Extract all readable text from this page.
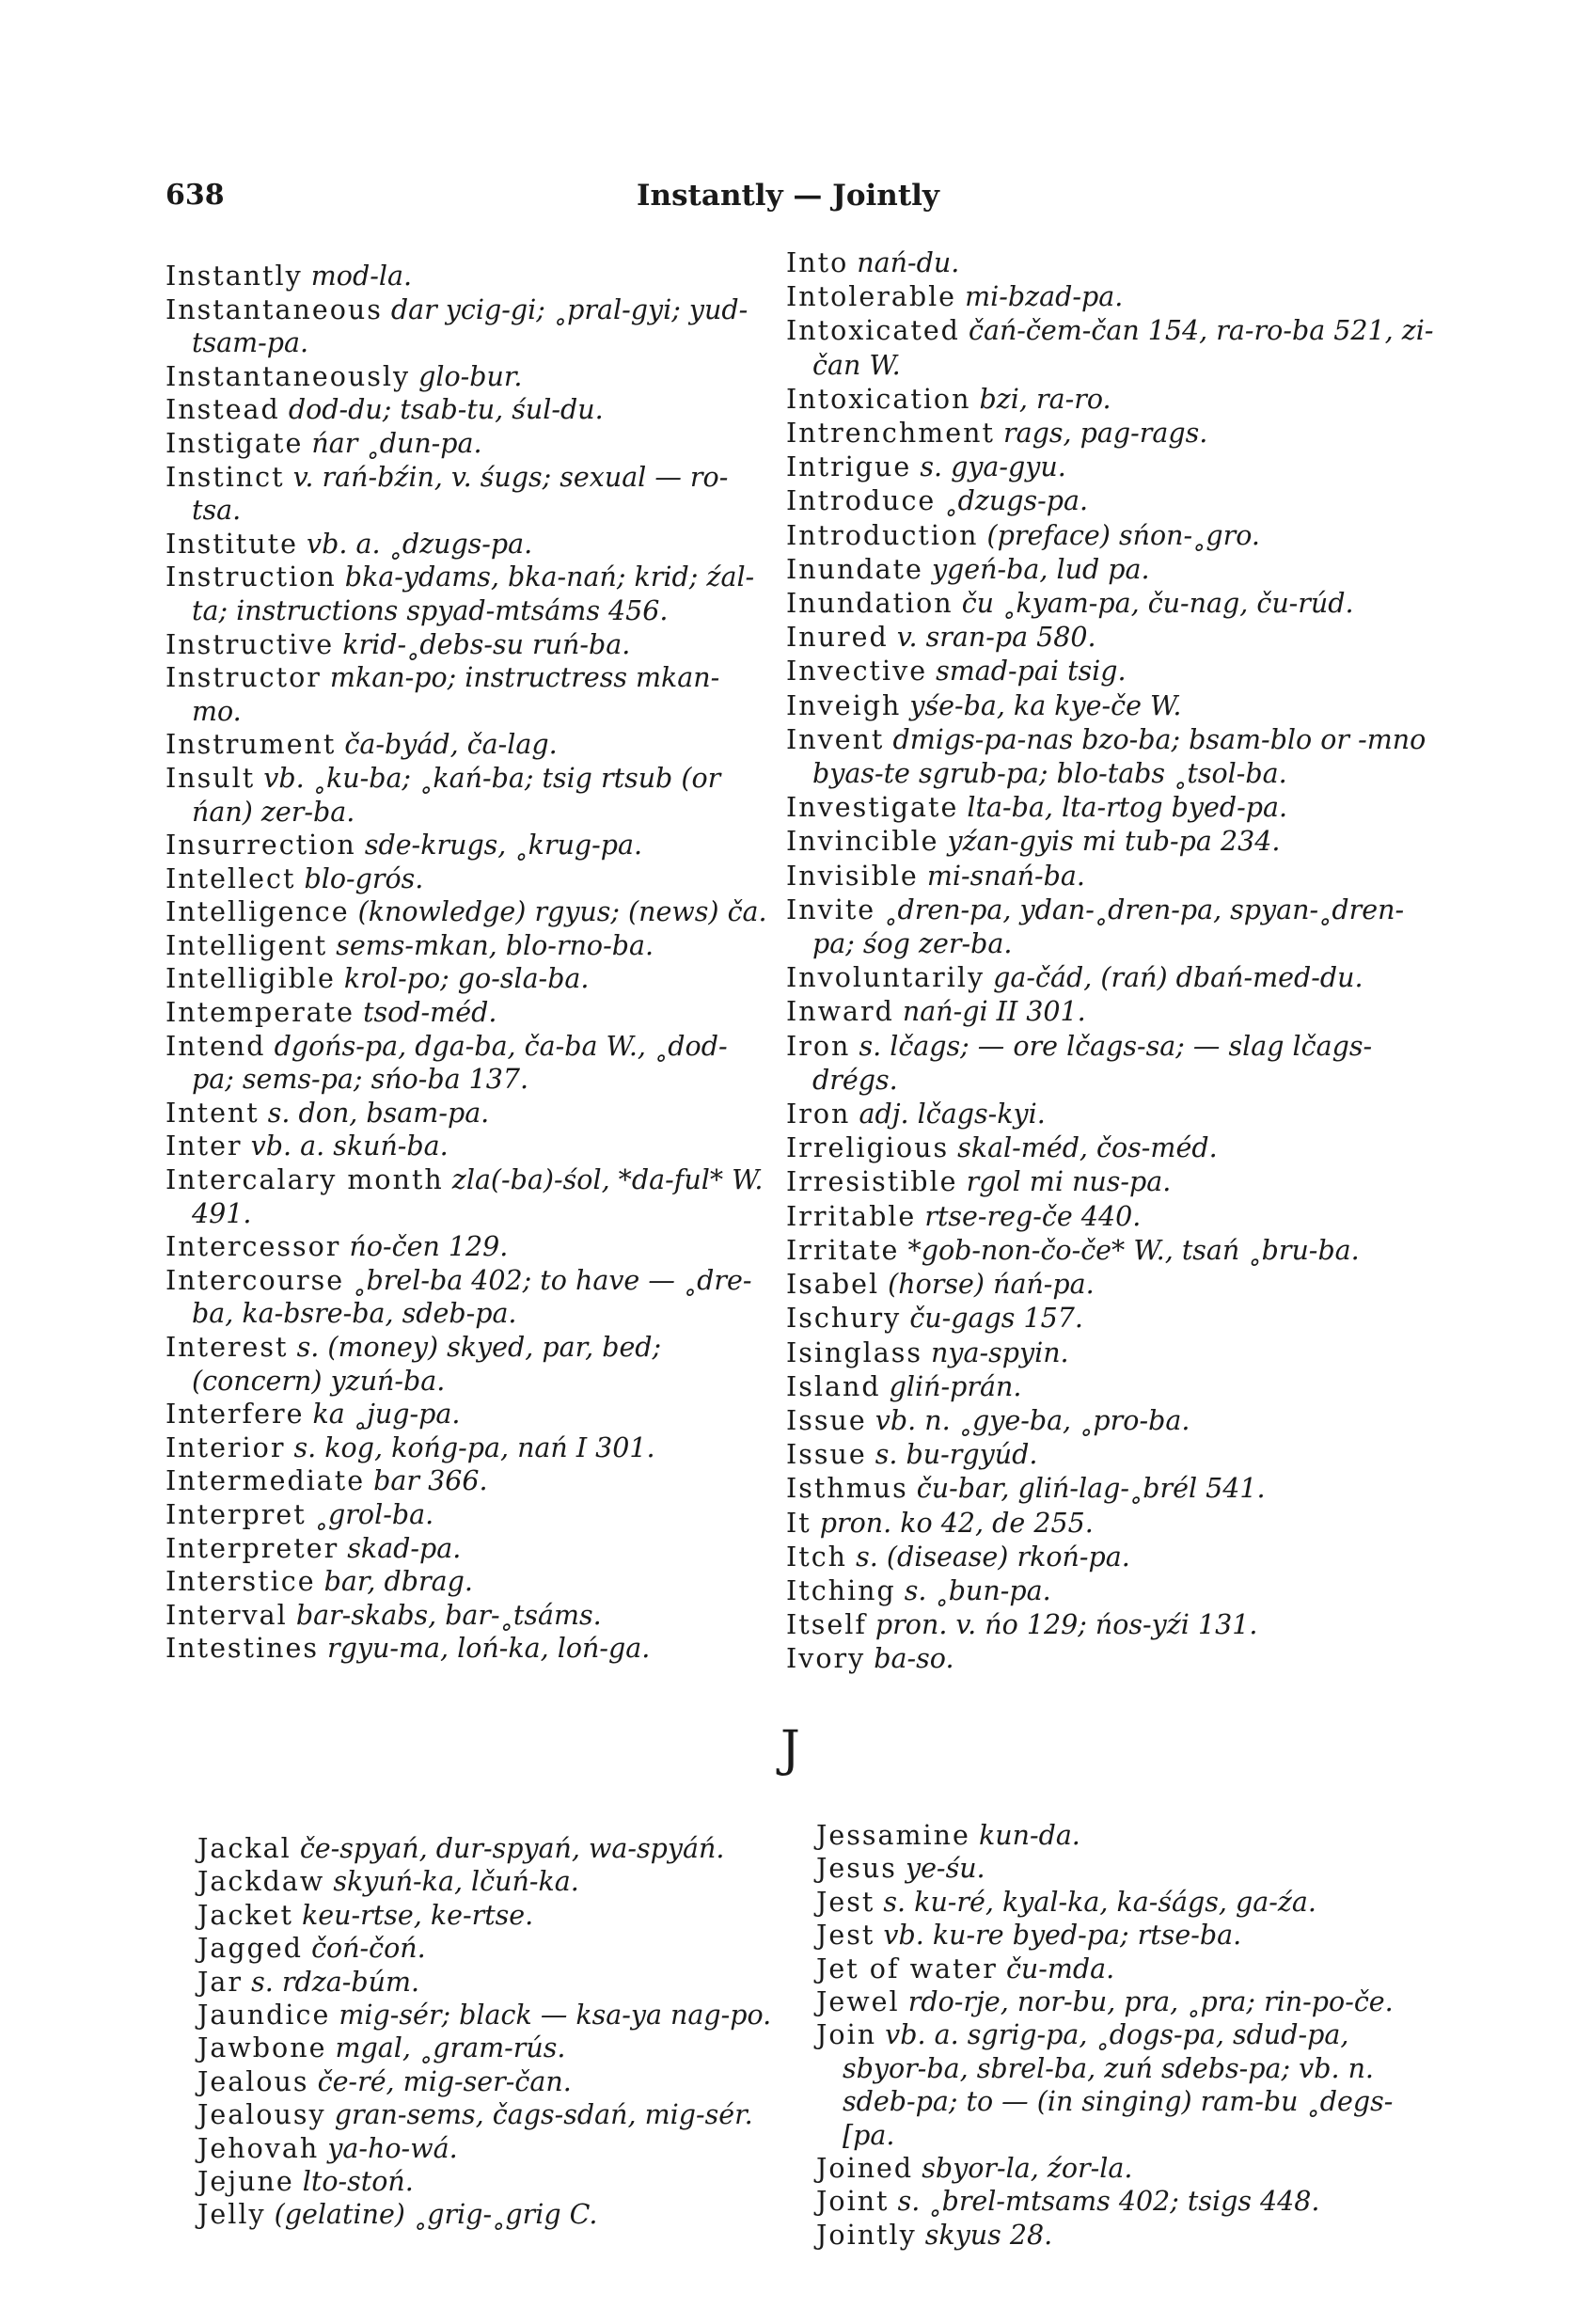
638	Instantly — Jointly

Instantly mod-la.

Instantaneous dar ycig-gi; ˳pral-gyi; yud-tsam-pa.

Instantaneously glo-bur.

Instead dod-du; tsab-tu, śul-du.

Instigate ńar ˳dun-pa.

Instinct v. rań-bźin, v. śugs; sexual — ro-tsa.

Institute vb. a. ˳dzugs-pa.

Instruction bka-ydams, bka-nań; krid; źal-ta; instructions spyad-mtsáms 456.

Instructive krid-˳debs-su ruń-ba.

Instructor mkan-po; instructress mkan-mo.

Instrument ča-byád, ča-lag.

Insult vb. ˳ku-ba; ˳kań-ba; tsig rtsub (or ńan) zer-ba.

Insurrection sde-krugs, ˳krug-pa.

Intellect blo-grós.

Intelligence (knowledge) rgyus; (news) ča.

Intelligent sems-mkan, blo-rno-ba.

Intelligible krol-po; go-sla-ba.

Intemperate tsod-méd.

Intend dgońs-pa, dga-ba, ča-ba W., ˳dod-pa; sems-pa; sńo-ba 137.

Intent s. don, bsam-pa.

Inter vb. a. skuń-ba.

Intercalary month zla(-ba)-śol, *da-ful* W. 491.

Intercessor ńo-čen 129.

Intercourse ˳brel-ba 402; to have — ˳dre-ba, ka-bsre-ba, sdeb-pa.

Interest s. (money) skyed, par, bed; (concern) yzuń-ba.

Interfere ka ˳jug-pa.

Interior s. kog, końg-pa, nań I 301.

Intermediate bar 366.

Interpret ˳grol-ba.

Interpreter skad-pa.

Interstice bar, dbrag.

Interval bar-skabs, bar-˳tsáms.

Intestines rgyu-ma, loń-ka, loń-ga.

Into nań-du.

Intolerable mi-bzad-pa.

Intoxicated čań-čem-čan 154, ra-ro-ba 521, zi-čan W.

Intoxication bzi, ra-ro.

Intrenchment rags, pag-rags.

Intrigue s. gya-gyu.

Introduce ˳dzugs-pa.

Introduction (preface) sńon-˳gro.

Inundate ygeń-ba, lud pa.

Inundation ču ˳kyam-pa, ču-nag, ču-rúd.

Inured v. sran-pa 580.

Invective smad-pai tsig.

Inveigh yśe-ba, ka kye-če W.

Invent dmigs-pa-nas bzo-ba; bsam-blo or -mno byas-te sgrub-pa; blo-tabs ˳tsol-ba.

Investigate lta-ba, lta-rtog byed-pa.

Invincible yźan-gyis mi tub-pa 234.

Invisible mi-snań-ba.

Invite ˳dren-pa, ydan-˳dren-pa, spyan-˳dren-pa; śog zer-ba.

Involuntarily ga-čád, (rań) dbań-med-du.

Inward nań-gi II 301.

Iron s. lčags; — ore lčags-sa; — slag lčags-drégs.

Iron adj. lčags-kyi.

Irreligious skal-méd, čos-méd.

Irresistible rgol mi nus-pa.

Irritable rtse-reg-če 440.

Irritate *gob-non-čo-če* W., tsań ˳bru-ba.

Isabel (horse) ńań-pa.

Ischury ču-gags 157.

Isinglass nya-spyin.

Island gliń-prán.

Issue vb. n. ˳gye-ba, ˳pro-ba.

Issue s. bu-rgyúd.

Isthmus ču-bar, gliń-lag-˳brél 541.

It pron. ko 42, de 255.

Itch s. (disease) rkoń-pa.

Itching s. ˳bun-pa.

Itself pron. v. ńo 129; ńos-yźi 131.

Ivory ba-so.

J

Jackal če-spyań, dur-spyań, wa-spyáń.

Jackdaw skyuń-ka, lčuń-ka.

Jacket keu-rtse, ke-rtse.

Jagged čoń-čoń.

Jar s. rdza-búm.

Jaundice mig-sér; black — ksa-ya nag-po.

Jawbone mgal, ˳gram-rús.

Jealous če-ré, mig-ser-čan.

Jealousy gran-sems, čags-sdań, mig-sér.

Jehovah ya-ho-wá.

Jejune lto-stoń.

Jelly (gelatine) ˳grig-˳grig C.

Jessamine kun-da.

Jesus ye-śu.

Jest s. ku-ré, kyal-ka, ka-śágs, ga-źa.

Jest vb. ku-re byed-pa; rtse-ba.

Jet of water ču-mda.

Jewel rdo-rje, nor-bu, pra, ˳pra; rin-po-če.

Join vb. a. sgrig-pa, ˳dogs-pa, sdud-pa, sbyor-ba, sbrel-ba, zuń sdebs-pa; vb. n. sdeb-pa; to — (in singing) ram-bu ˳degs-[pa.

Joined sbyor-la, źor-la.

Joint s. ˳brel-mtsams 402; tsigs 448.

Jointly skyus 28.
